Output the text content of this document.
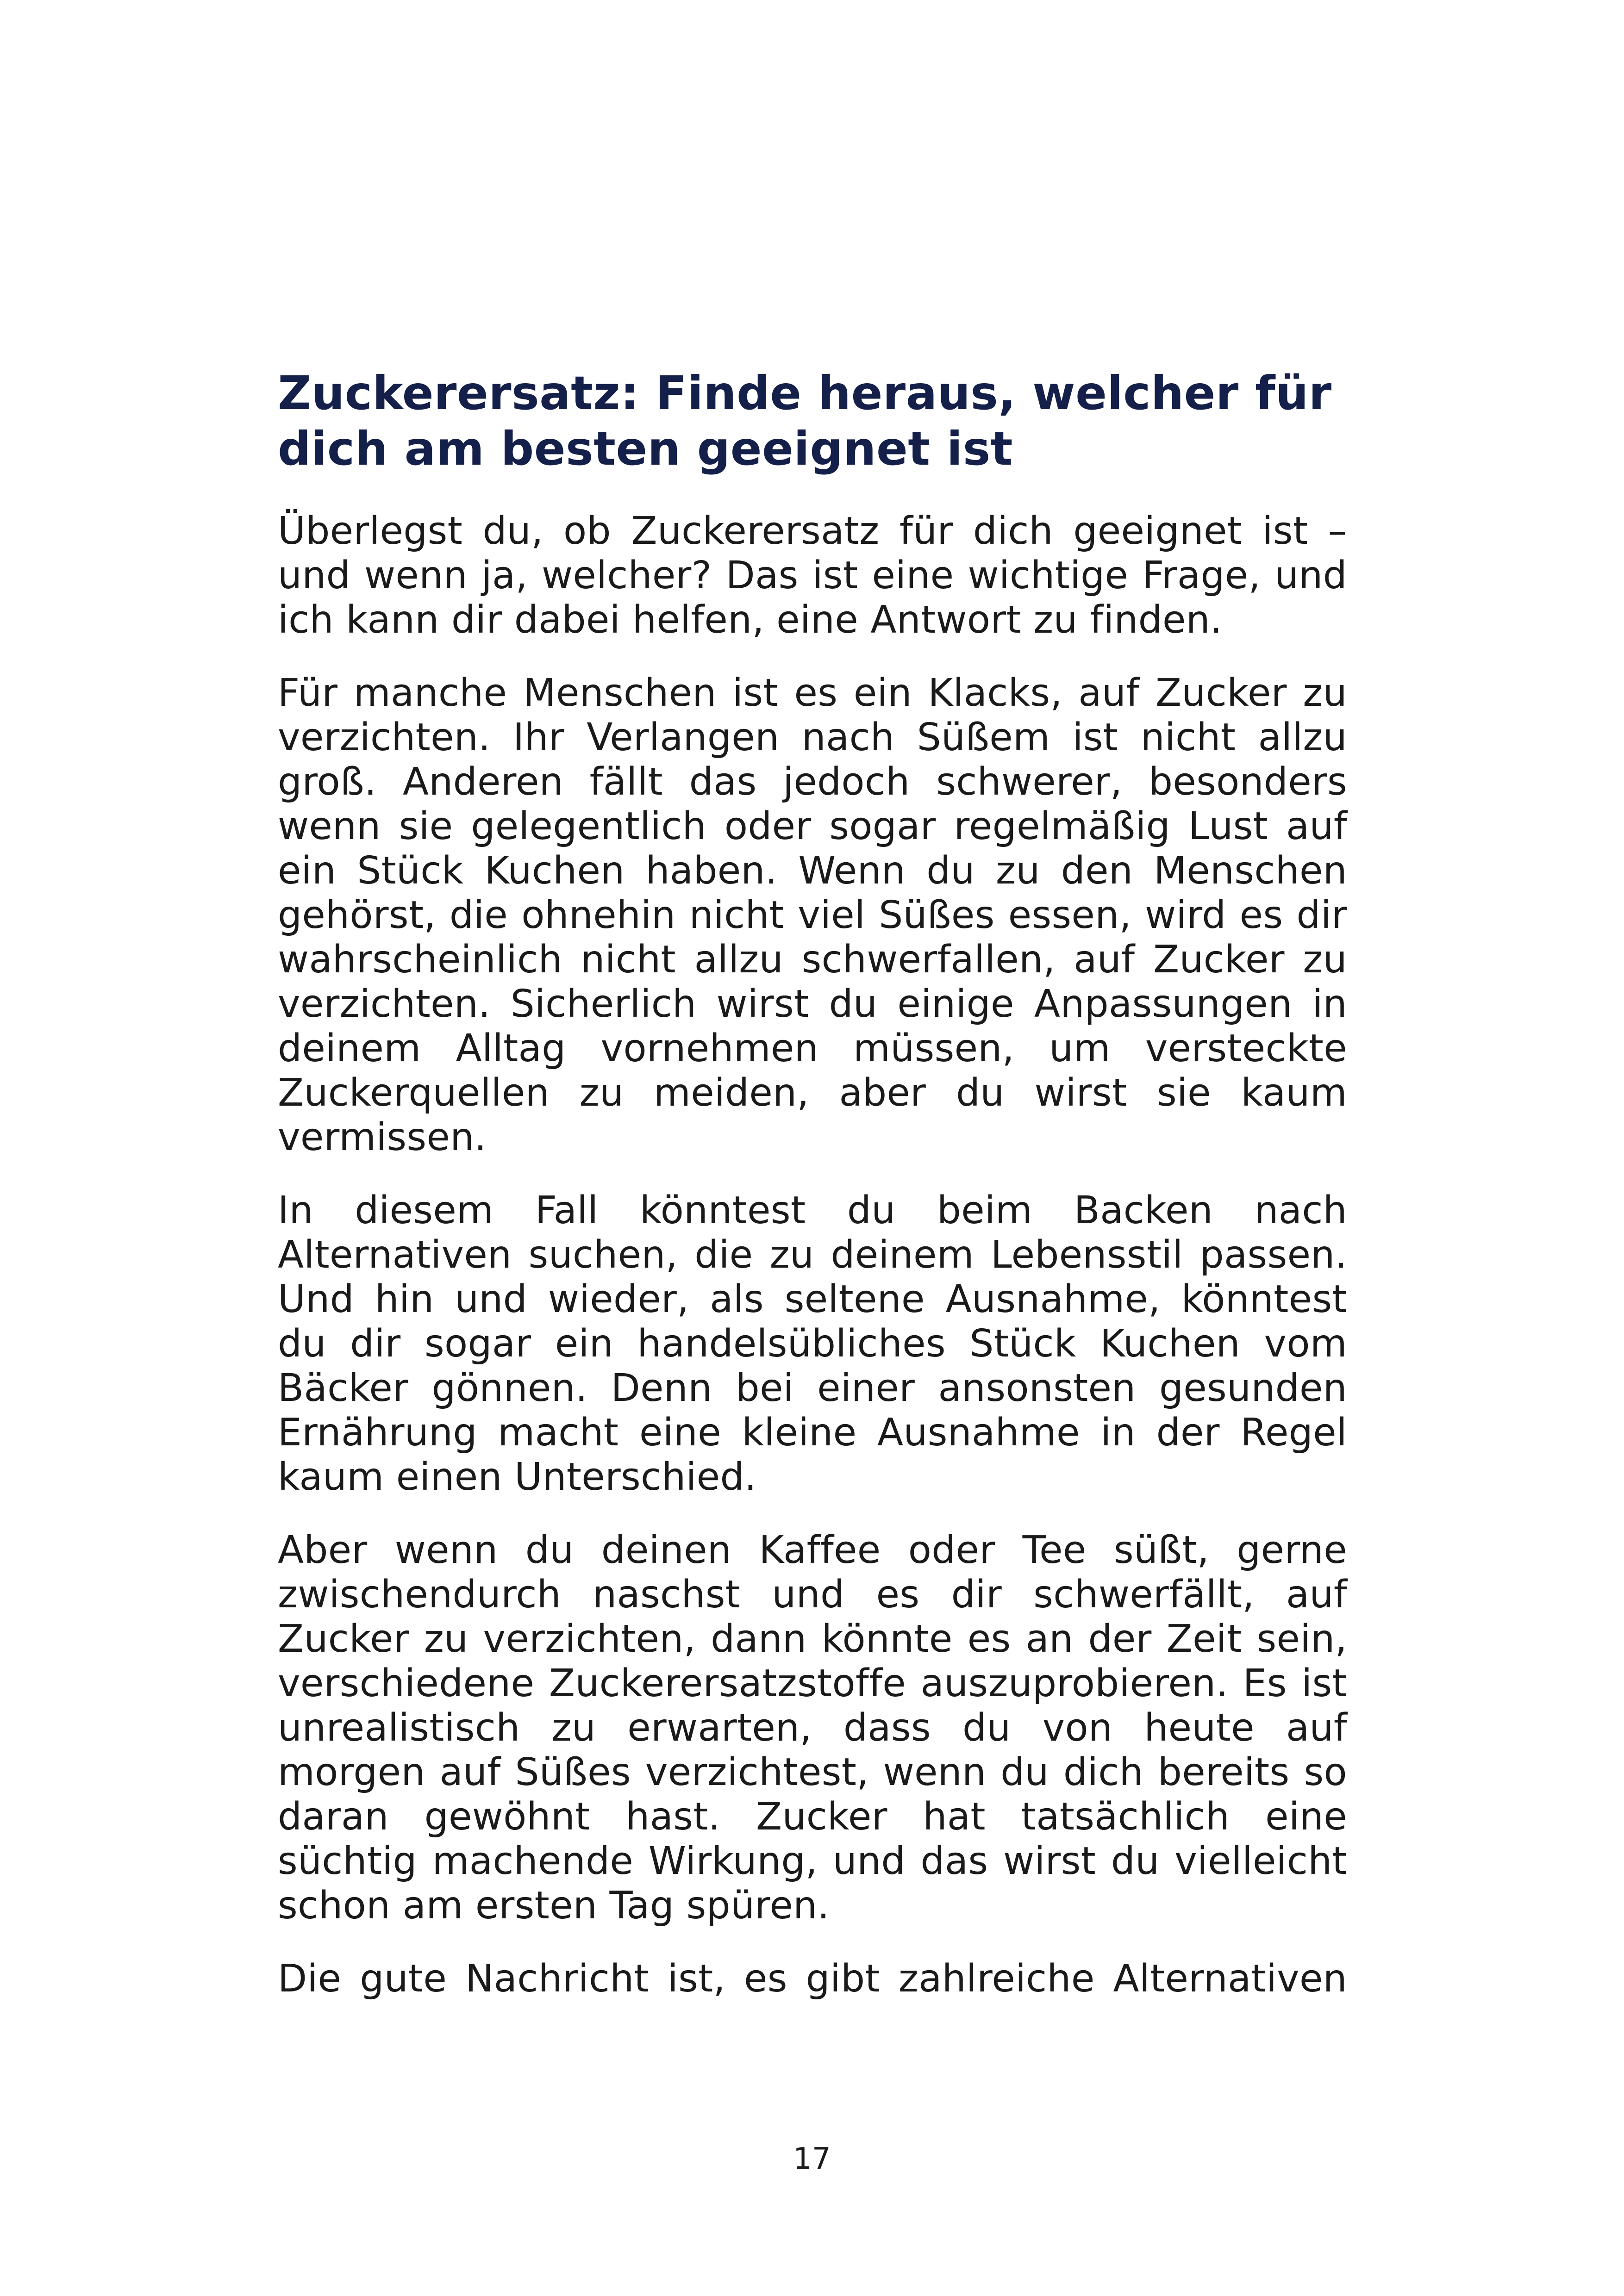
Zuckerersatz: Finde heraus, welcher für dich am besten geeignet ist

Überlegst du, ob Zuckerersatz für dich geeignet ist – und wenn ja, welcher? Das ist eine wichtige Frage, und ich kann dir dabei helfen, eine Antwort zu finden.

Für manche Menschen ist es ein Klacks, auf Zucker zu verzichten. Ihr Verlangen nach Süßem ist nicht allzu groß. Anderen fällt das jedoch schwerer, besonders wenn sie gelegentlich oder sogar regelmäßig Lust auf ein Stück Kuchen haben. Wenn du zu den Menschen gehörst, die ohnehin nicht viel Süßes essen, wird es dir wahrscheinlich nicht allzu schwerfallen, auf Zucker zu verzichten. Sicherlich wirst du einige Anpassungen in deinem Alltag vornehmen müssen, um versteckte Zuckerquellen zu meiden, aber du wirst sie kaum vermissen.

In diesem Fall könntest du beim Backen nach Alternativen suchen, die zu deinem Lebensstil passen. Und hin und wieder, als seltene Ausnahme, könntest du dir sogar ein handelsübliches Stück Kuchen vom Bäcker gönnen. Denn bei einer ansonsten gesunden Ernährung macht eine kleine Ausnahme in der Regel kaum einen Unterschied.

Aber wenn du deinen Kaffee oder Tee süßt, gerne zwischendurch naschst und es dir schwerfällt, auf Zucker zu verzichten, dann könnte es an der Zeit sein, verschiedene Zuckerersatzstoffe auszuprobieren. Es ist unrealistisch zu erwarten, dass du von heute auf morgen auf Süßes verzichtest, wenn du dich bereits so daran gewöhnt hast. Zucker hat tatsächlich eine süchtig machende Wirkung, und das wirst du vielleicht schon am ersten Tag spüren.

Die gute Nachricht ist, es gibt zahlreiche Alternativen

17
